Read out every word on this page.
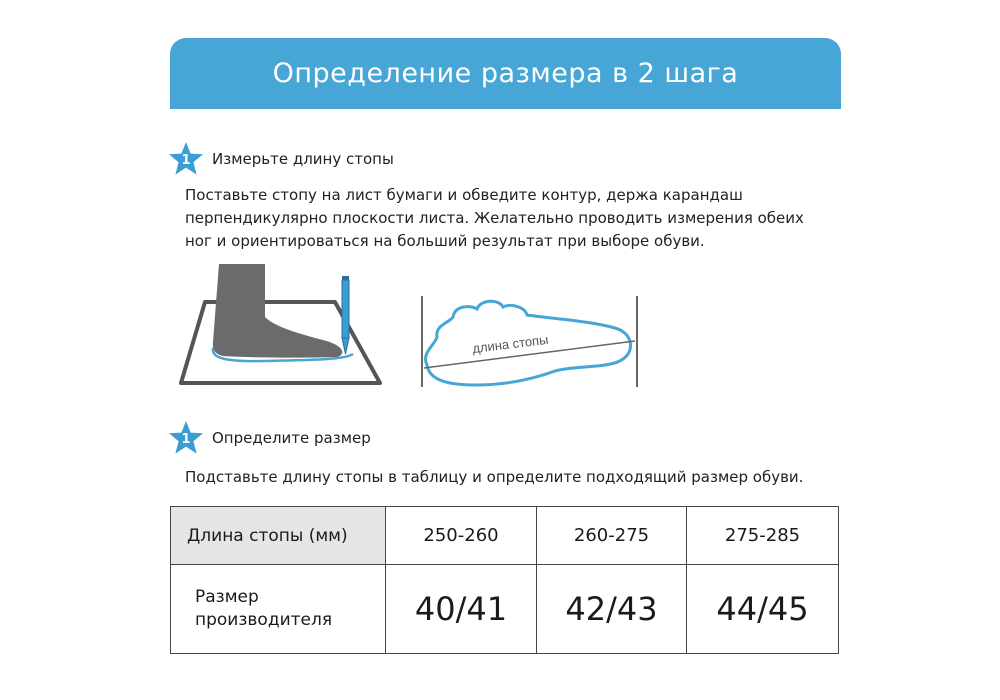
Определение размера в 2 шага
1	Измерьте длину стопы
Поставьте стопу на лист бумаги и обведите контур, держа карандаш
перпендикулярно плоскости листа. Желательно проводить измерения обеих
ног и ориентироваться на больший результат при выборе обуви.
длина стопы
1	Определите размер
Подставьте длину стопы в таблицу и определите подходящий размер обуви.
Длина стопы (мм)	250-260	260-275	275-285

Размер
производителя	40/41	42/43	44/45
